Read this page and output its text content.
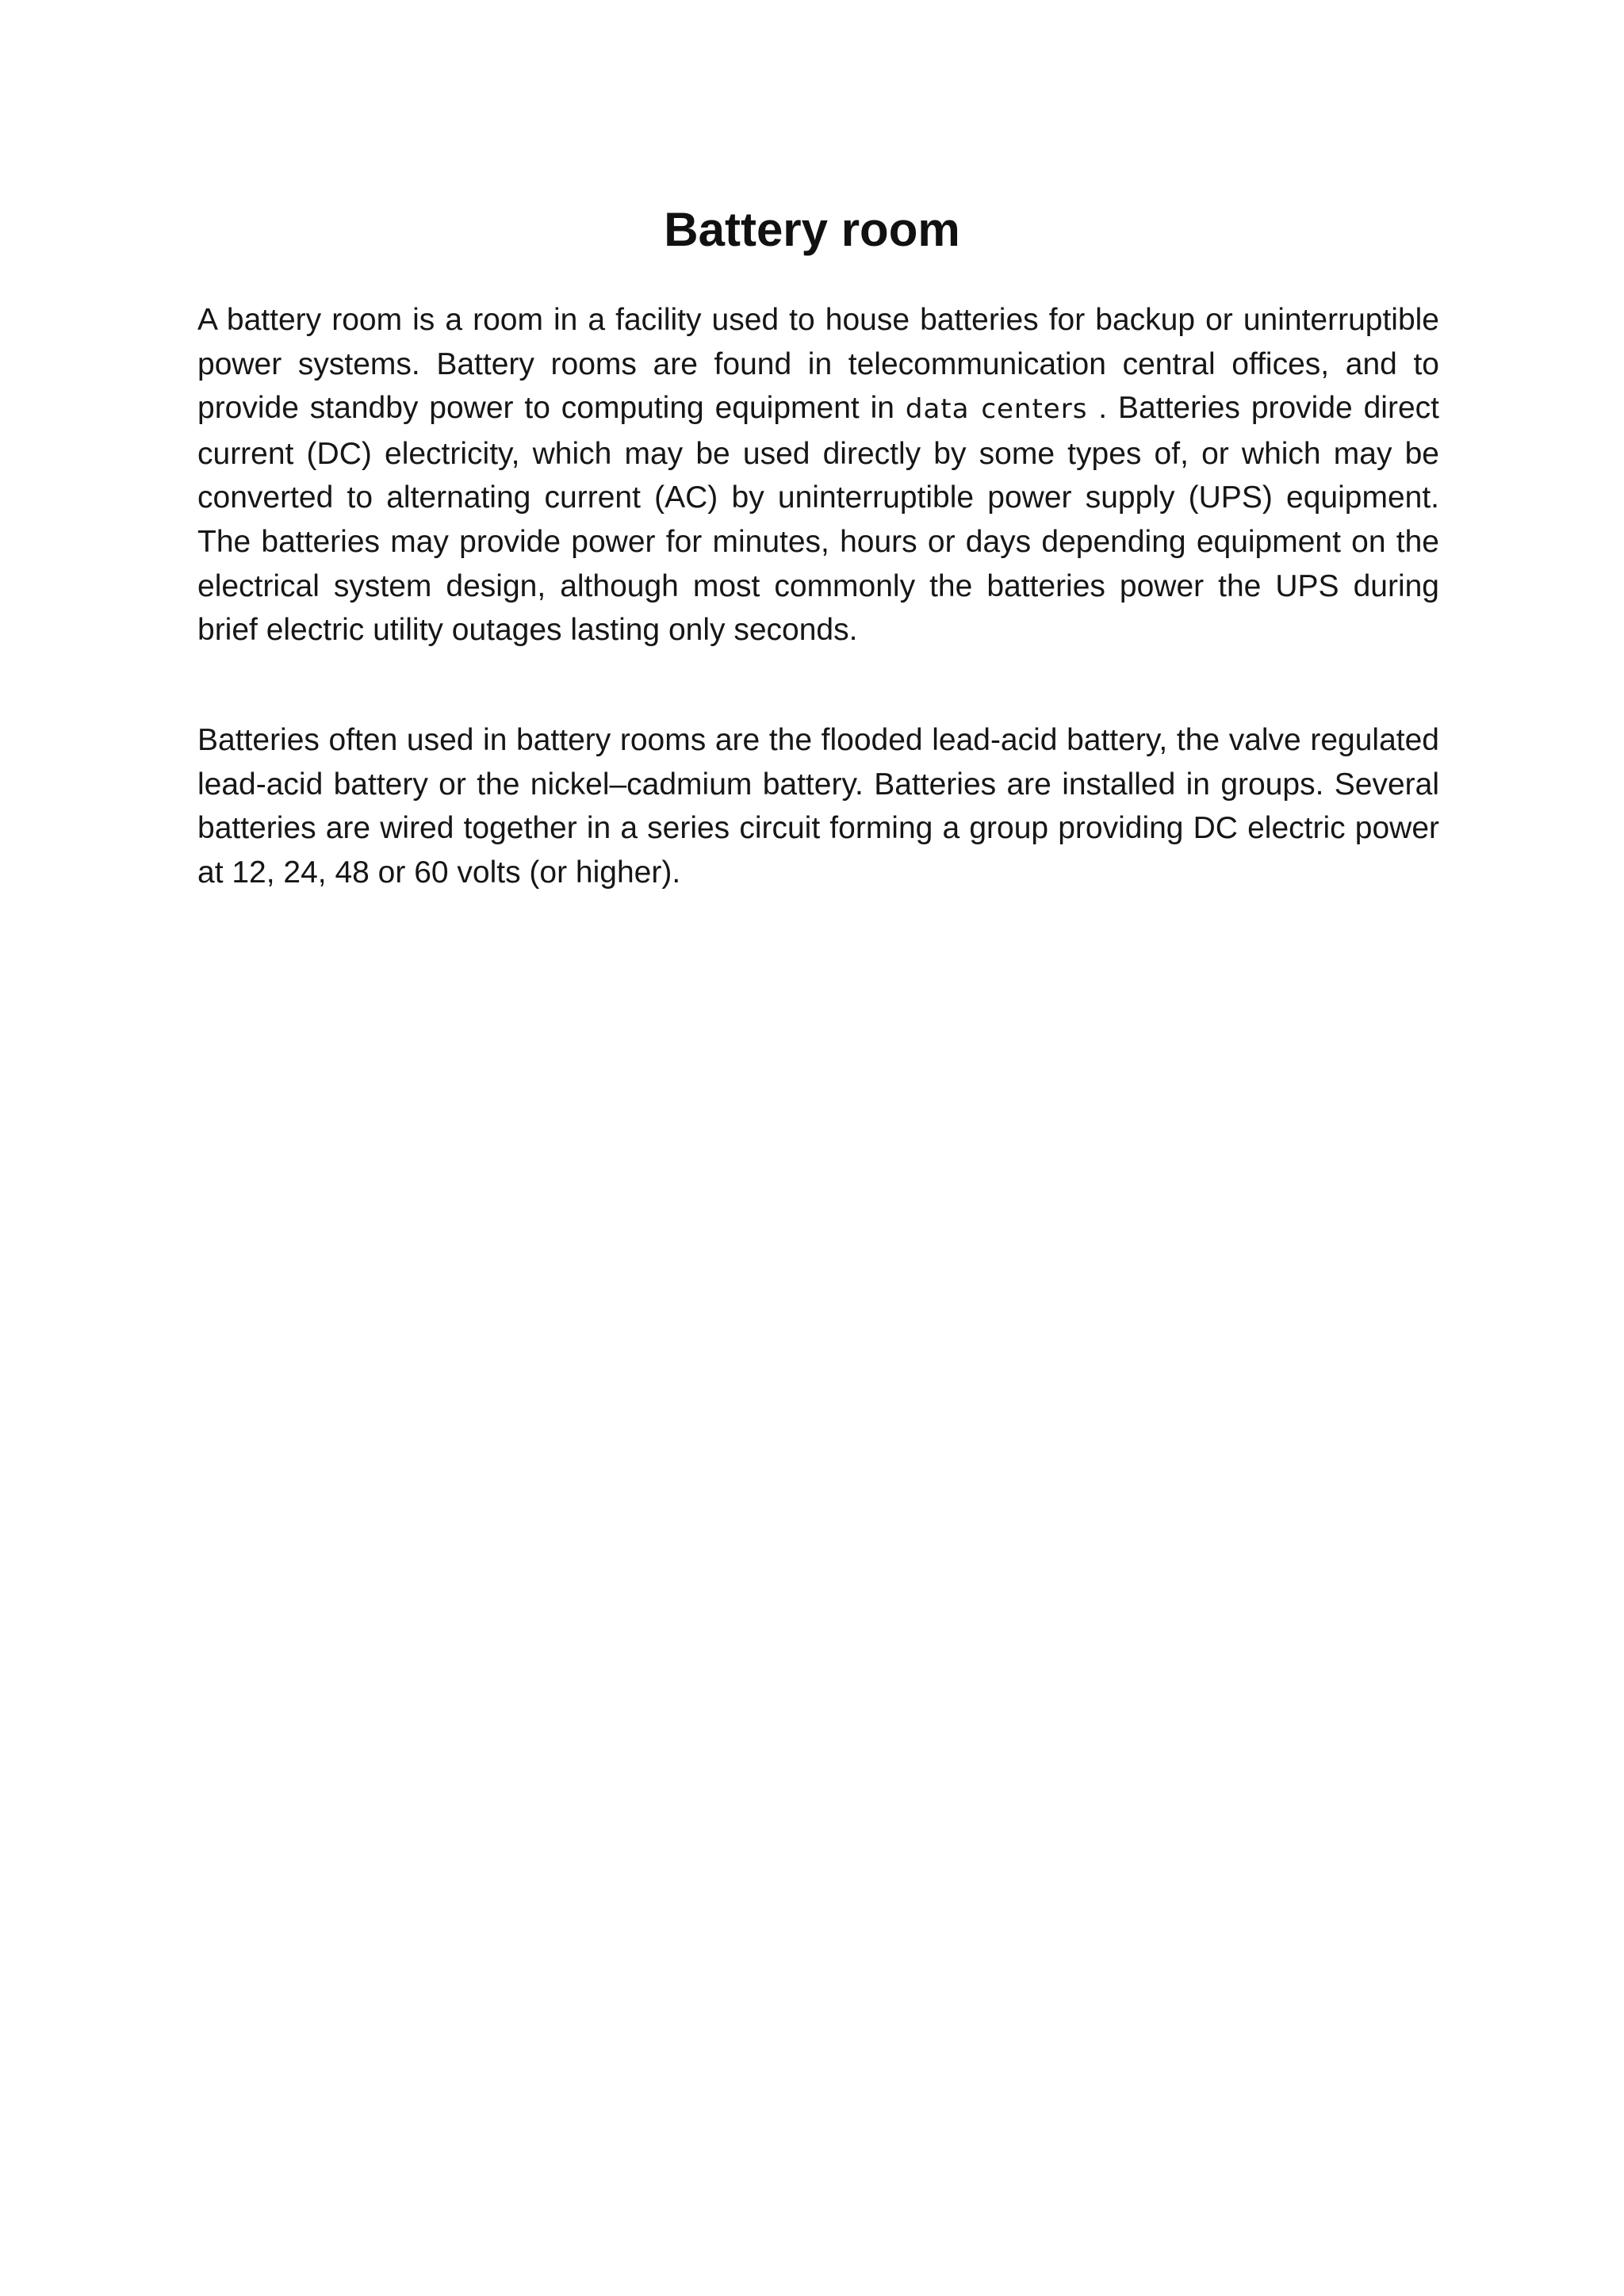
Battery room

A battery room is a room in a facility used to house batteries for backup or uninterruptible power systems. Battery rooms are found in telecommunication central offices, and to provide standby power to computing equipment in data centers . Batteries provide direct current (DC) electricity, which may be used directly by some types of, or which may be converted to alternating current (AC) by uninterruptible power supply (UPS) equipment. The batteries may provide power for minutes, hours or days depending equipment on the electrical system design, although most commonly the batteries power the UPS during brief electric utility outages lasting only seconds.

Batteries often used in battery rooms are the flooded lead-acid battery, the valve regulated lead-acid battery or the nickel–cadmium battery. Batteries are installed in groups. Several batteries are wired together in a series circuit forming a group providing DC electric power at 12, 24, 48 or 60 volts (or higher).
